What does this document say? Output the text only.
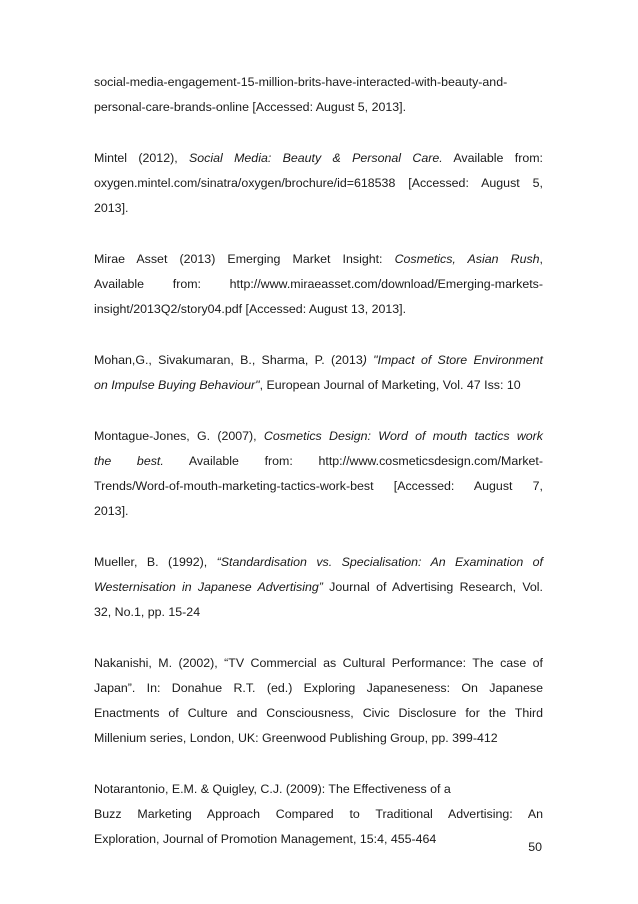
social-media-engagement-15-million-brits-have-interacted-with-beauty-and-
personal-care-brands-online [Accessed: August 5, 2013].
Mintel (2012), Social Media: Beauty & Personal Care. Available from:
oxygen.mintel.com/sinatra/oxygen/brochure/id=618538 [Accessed: August 5,
2013].
Mirae Asset (2013) Emerging Market Insight: Cosmetics, Asian Rush,
Available from: http://www.miraeasset.com/download/Emerging-markets-
insight/2013Q2/story04.pdf [Accessed: August 13, 2013].
Mohan,G., Sivakumaran, B., Sharma, P. (2013) "Impact of Store Environment
on Impulse Buying Behaviour", European Journal of Marketing, Vol. 47 Iss: 10
Montague-Jones, G. (2007), Cosmetics Design: Word of mouth tactics work
the best. Available from: http://www.cosmeticsdesign.com/Market-
Trends/Word-of-mouth-marketing-tactics-work-best [Accessed: August 7,
2013].
Mueller, B. (1992), “Standardisation vs. Specialisation: An Examination of
Westernisation in Japanese Advertising” Journal of Advertising Research, Vol.
32, No.1, pp. 15-24
Nakanishi, M. (2002), “TV Commercial as Cultural Performance: The case of
Japan”. In: Donahue R.T. (ed.) Exploring Japaneseness: On Japanese
Enactments of Culture and Consciousness, Civic Disclosure for the Third
Millenium series, London, UK: Greenwood Publishing Group, pp. 399-412
Notarantonio, E.M. & Quigley, C.J. (2009): The Effectiveness of a
Buzz Marketing Approach Compared to Traditional Advertising: An
Exploration, Journal of Promotion Management, 15:4, 455-464
50
